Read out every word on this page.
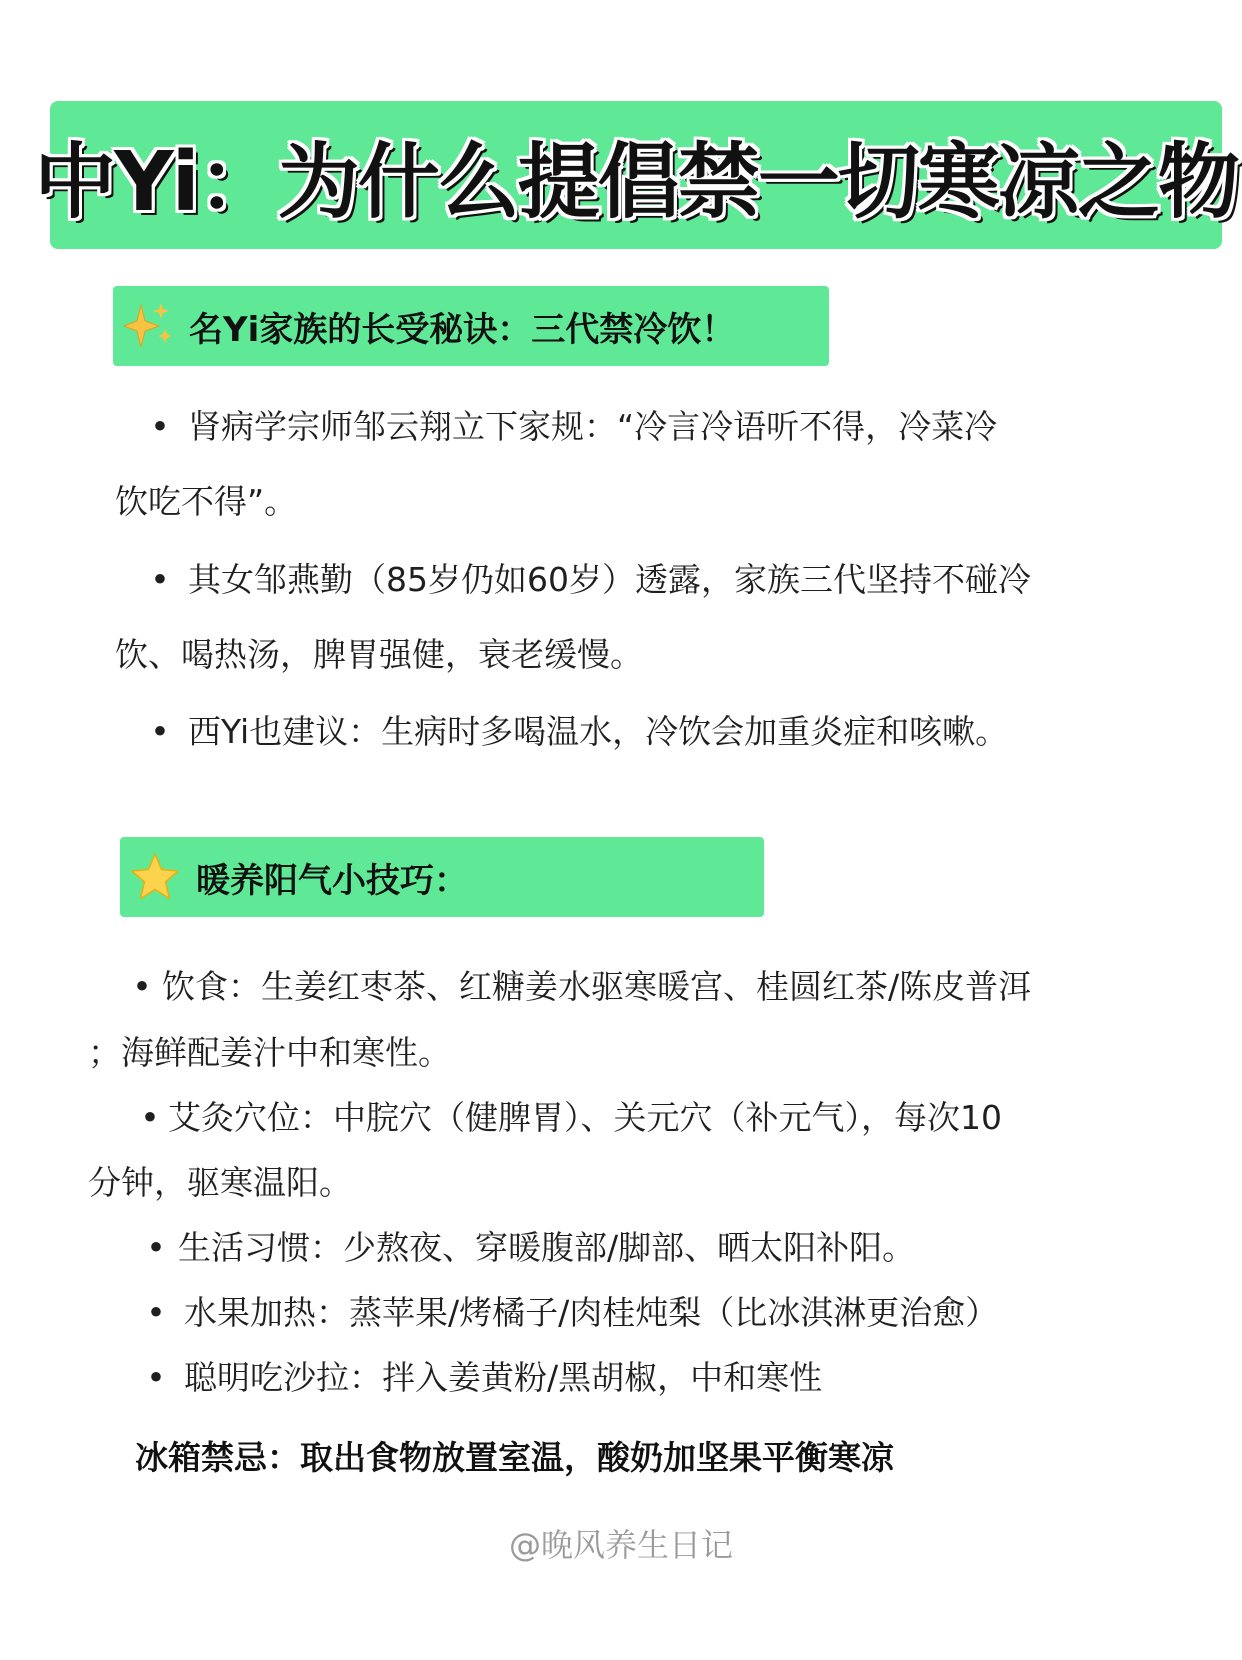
中Yi：为什么提倡禁一切寒凉之物
名Yi家族的长受秘诀：三代禁冷饮！
• 肾病学宗师邹云翔立下家规：“冷言冷语听不得，冷菜冷
饮吃不得”。
• 其女邹燕勤（85岁仍如60岁）透露，家族三代坚持不碰冷
饮、喝热汤，脾胃强健，衰老缓慢。
• 西Yi也建议：生病时多喝温水，冷饮会加重炎症和咳嗽。
暖养阳气小技巧：
• 饮食：生姜红枣茶、红糖姜水驱寒暖宫、桂圆红茶/陈皮普洱
；海鲜配姜汁中和寒性。
• 艾灸穴位：中脘穴（健脾胃）、关元穴（补元气），每次10
分钟，驱寒温阳。
• 生活习惯：少熬夜、穿暖腹部/脚部、晒太阳补阳。
• 水果加热：蒸苹果/烤橘子/肉桂炖梨（比冰淇淋更治愈）
• 聪明吃沙拉：拌入姜黄粉/黑胡椒，中和寒性
冰箱禁忌：取出食物放置室温，酸奶加坚果平衡寒凉
@晚风养生日记
